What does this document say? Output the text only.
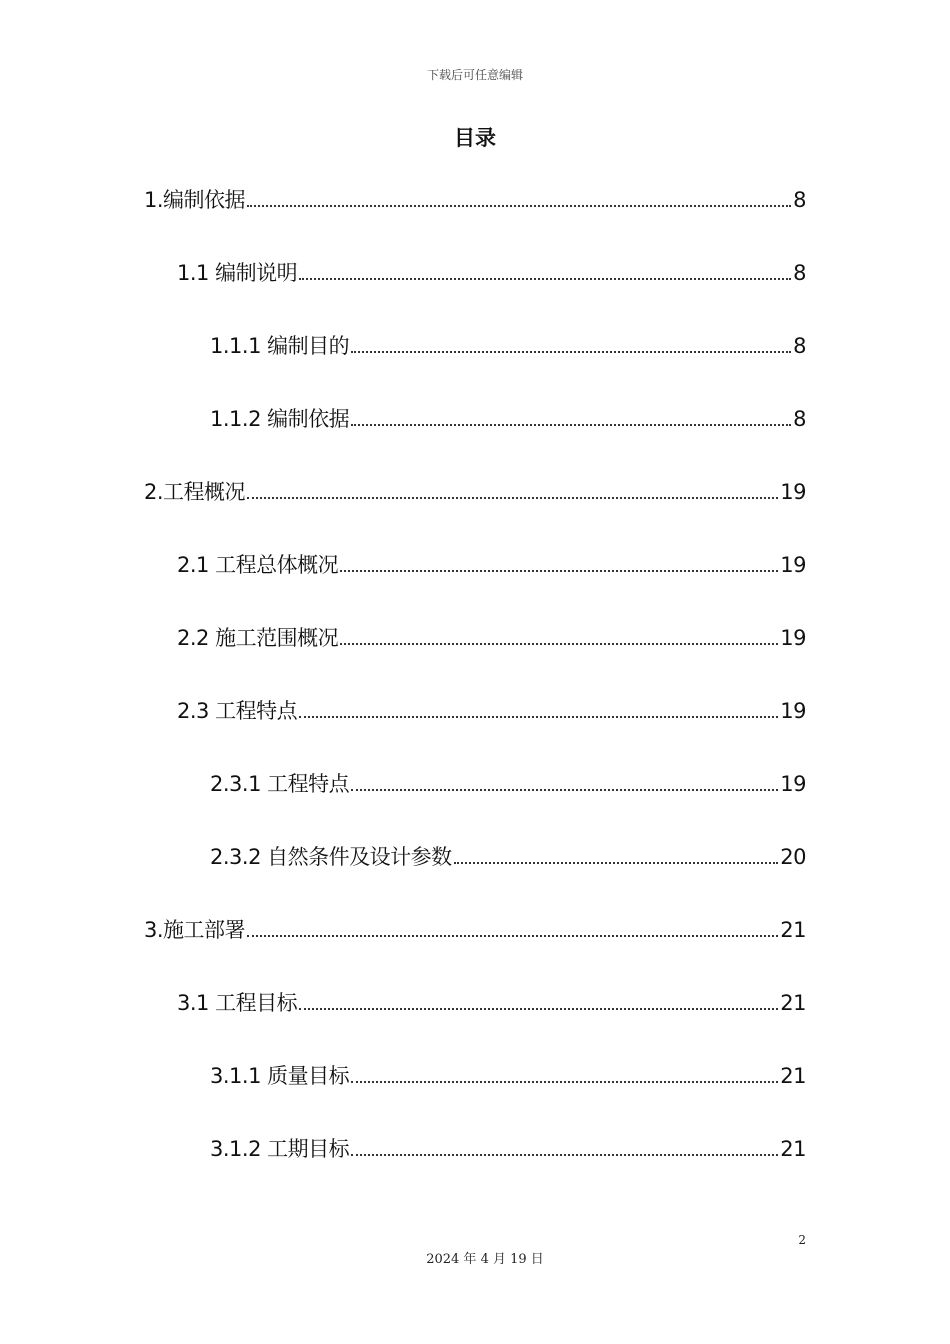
下载后可任意编辑
目录
1.编制依据	8
1.1 编制说明	8
1.1.1 编制目的	8
1.1.2 编制依据	8
2.工程概况	19
2.1 工程总体概况	19
2.2 施工范围概况	19
2.3 工程特点	19
2.3.1 工程特点	19
2.3.2 自然条件及设计参数	20
3.施工部署	21
3.1 工程目标	21
3.1.1 质量目标	21
3.1.2 工期目标	21
2
2024 年 4 月 19 日
